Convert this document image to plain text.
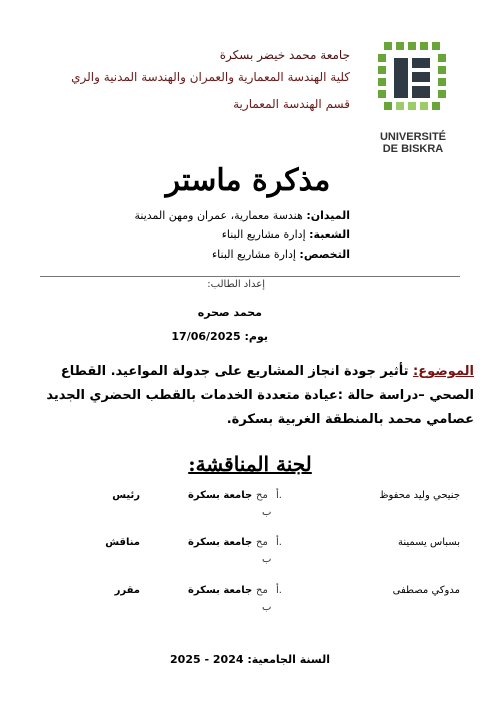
جامعة محمد خيضر بسكرة
كلية الهندسة المعمارية والعمران والهندسة المدنية والري
قسم الهندسة المعمارية
UNIVERSITÉ
DE BISKRA
مذكرة ماستر
الميدان: هندسة معمارية، عمران ومهن المدينة
الشعبة: إدارة مشاريع البناء
التخصص: إدارة مشاريع البناء
إعداد الطالب:
محمد صحره
يوم: 17/06/2025
الموضوع: تأثير جودة انجاز المشاريع على جدولة المواعيد. القطاع الصحي –دراسة حالة :عيادة متعددة الخدمات بالقطب الحضري الجديد عصامي محمد بالمنطقة الغربية بسكرة.
لجنة المناقشة:
جنيحي وليد محفوظ
أ.
مح
ب
جامعة بسكرة
رئيس
بسباس يسمينة
أ.
مح
ب
جامعة بسكرة
مناقش
مدوكي مصطفى
أ.
مح
ب
جامعة بسكرة
مقرر
السنة الجامعية: 2024 - 2025
